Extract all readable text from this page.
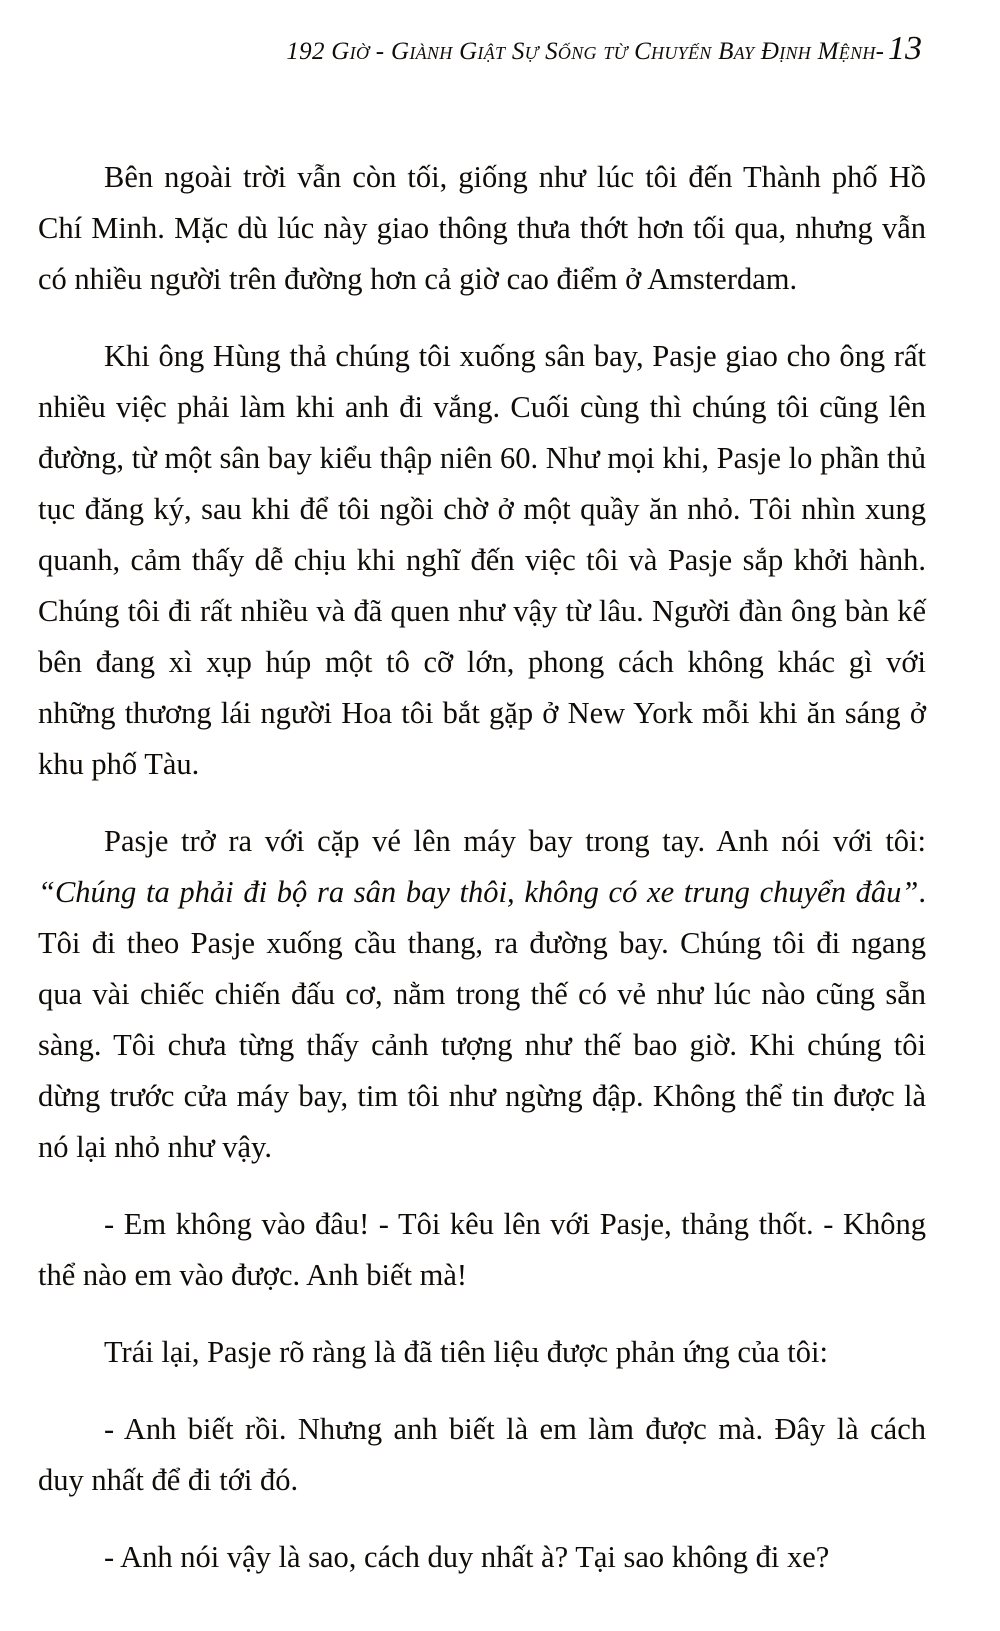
192 Giờ - Giành Giật Sự Sống từ Chuyến Bay Định Mệnh- 13

Bên ngoài trời vẫn còn tối, giống như lúc tôi đến Thành phố Hồ Chí Minh. Mặc dù lúc này giao thông thưa thớt hơn tối qua, nhưng vẫn có nhiều người trên đường hơn cả giờ cao điểm ở Amsterdam.

Khi ông Hùng thả chúng tôi xuống sân bay, Pasje giao cho ông rất nhiều việc phải làm khi anh đi vắng. Cuối cùng thì chúng tôi cũng lên đường, từ một sân bay kiểu thập niên 60. Như mọi khi, Pasje lo phần thủ tục đăng ký, sau khi để tôi ngồi chờ ở một quầy ăn nhỏ. Tôi nhìn xung quanh, cảm thấy dễ chịu khi nghĩ đến việc tôi và Pasje sắp khởi hành. Chúng tôi đi rất nhiều và đã quen như vậy từ lâu. Người đàn ông bàn kế bên đang xì xụp húp một tô cỡ lớn, phong cách không khác gì với những thương lái người Hoa tôi bắt gặp ở New York mỗi khi ăn sáng ở khu phố Tàu.

Pasje trở ra với cặp vé lên máy bay trong tay. Anh nói với tôi: “Chúng ta phải đi bộ ra sân bay thôi, không có xe trung chuyển đâu”. Tôi đi theo Pasje xuống cầu thang, ra đường bay. Chúng tôi đi ngang qua vài chiếc chiến đấu cơ, nằm trong thế có vẻ như lúc nào cũng sẵn sàng. Tôi chưa từng thấy cảnh tượng như thế bao giờ. Khi chúng tôi dừng trước cửa máy bay, tim tôi như ngừng đập. Không thể tin được là nó lại nhỏ như vậy.

- Em không vào đâu! - Tôi kêu lên với Pasje, thảng thốt. - Không thể nào em vào được. Anh biết mà!

Trái lại, Pasje rõ ràng là đã tiên liệu được phản ứng của tôi:

- Anh biết rồi. Nhưng anh biết là em làm được mà. Đây là cách duy nhất để đi tới đó.

- Anh nói vậy là sao, cách duy nhất à? Tại sao không đi xe?
